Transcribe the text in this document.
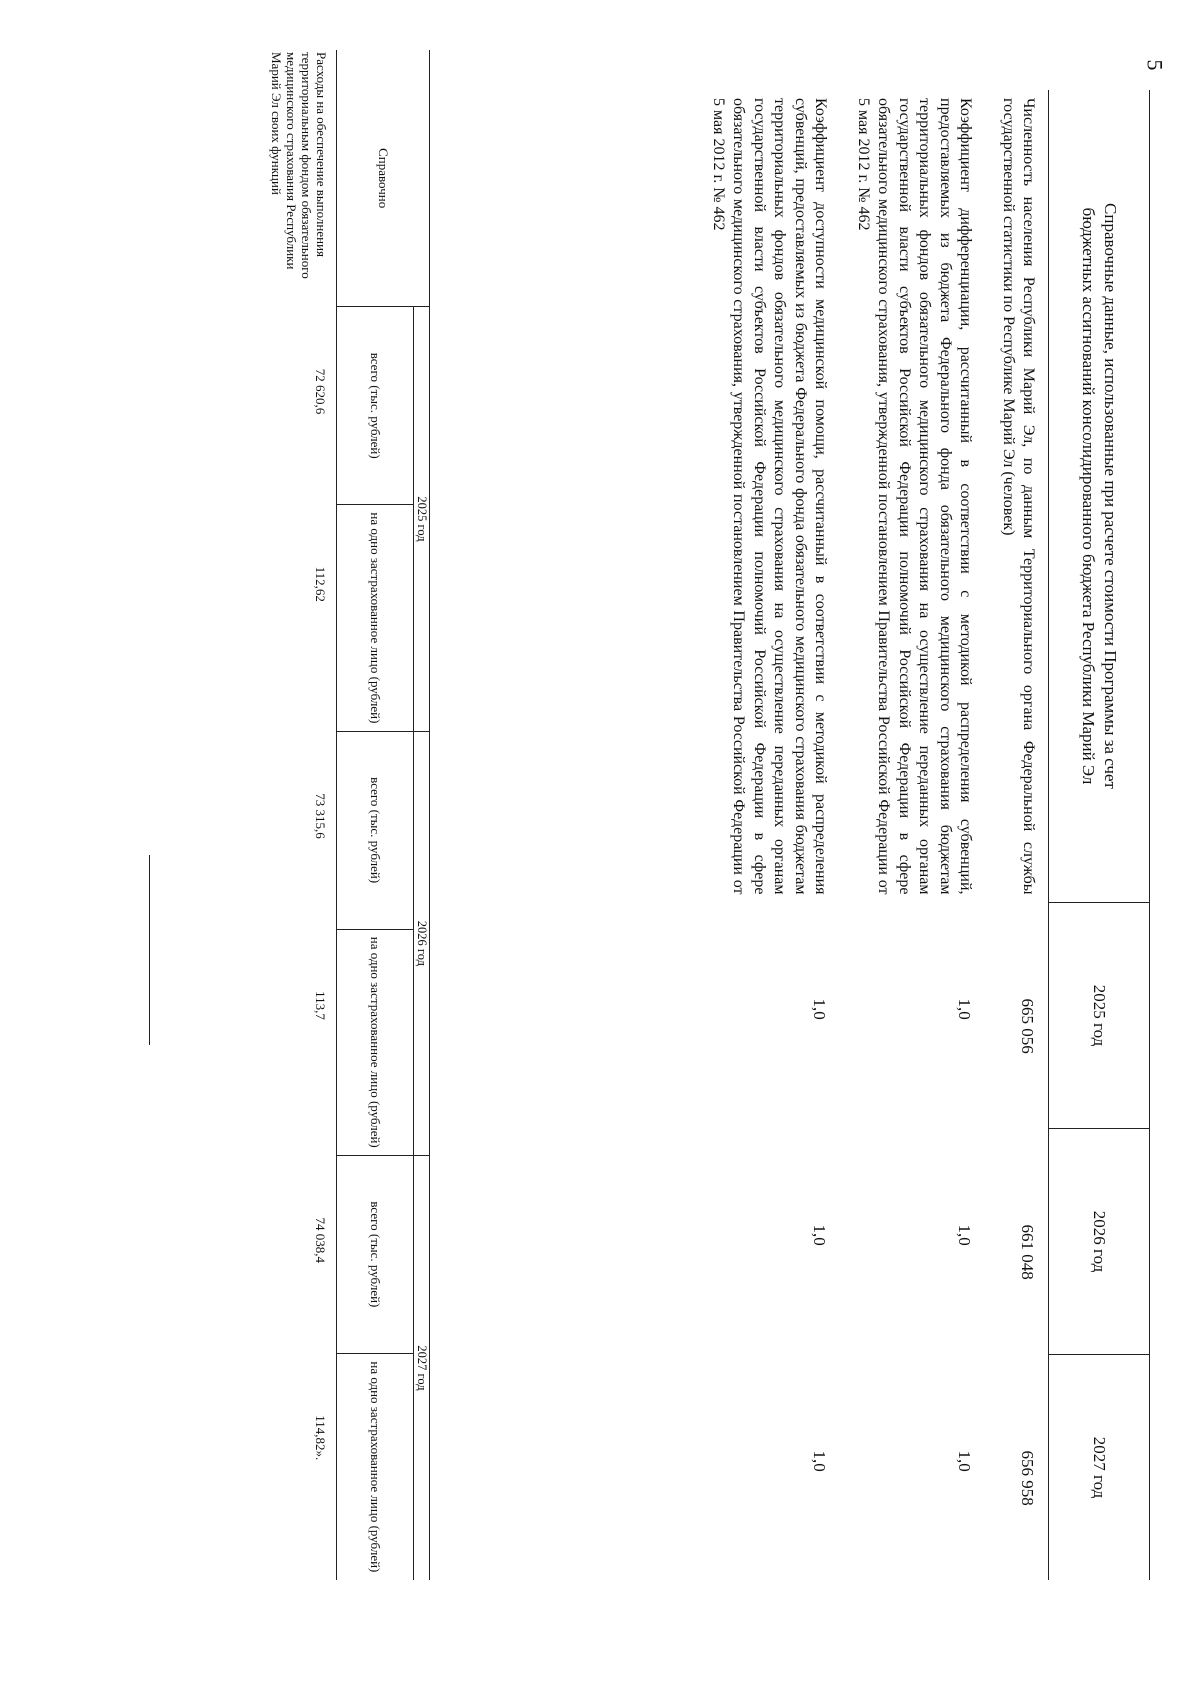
5
Справочные данные, использованные при расчете стоимости Программы за счет бюджетных ассигнований консолидированного бюджета Республики Марий Эл	2025 год	2026 год	2027 год
Численность населения Республики Марий Эл, по данным Территориального органа Федеральной службы государственной статистики по Республике Марий Эл (человек)	665 056	661 048	656 958
Коэффициент дифференциации, рассчитанный в соответствии с методикой распределения субвенций, предоставляемых из бюджета Федерального фонда обязательного медицинского страхования бюджетам территориальных фондов обязательного медицинского страхования на осуществление переданных органам государственной власти субъектов Российской Федерации полномочий Российской Федерации в сфере обязательного медицинского страхования, утвержденной постановлением Правительства Российской Федерации от 5 мая 2012 г. № 462	1,0	1,0	1,0
Коэффициент доступности медицинской помощи, рассчитанный в соответствии с методикой распределения субвенций, предоставляемых из бюджета Федерального фонда обязательного медицинского страхования бюджетам территориальных фондов обязательного медицинского страхования на осуществление переданных органам государственной власти субъектов Российской Федерации полномочий Российской Федерации в сфере обязательного медицинского страхования, утвержденной постановлением Правительства Российской Федерации от 5 мая 2012 г. № 462	1,0	1,0	1,0
Справочно	2025 год		2026 год		2027 год	
	всего (тыс. рублей)	на одно застрахованное лицо (рублей)	всего (тыс. рублей)	на одно застрахованное лицо (рублей)	всего (тыс. рублей)	на одно застрахованное лицо (рублей)
Расходы на обеспечение выполнения территориальным фондом обязательного медицинского страхования Республики Марий Эл своих функций	72 620,6	112,62	73 315,6	113,7	74 038,4	114,82».
